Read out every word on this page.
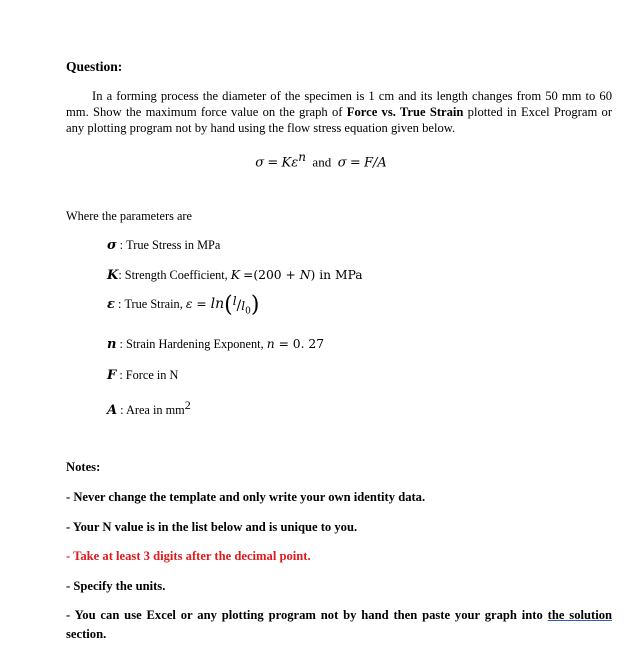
Question:
In a forming process the diameter of the specimen is 1 cm and its length changes from 50 mm to 60 mm. Show the maximum force value on the graph of Force vs. True Strain plotted in Excel Program or any plotting program not by hand using the flow stress equation given below.
$\sigma = K\varepsilon^n$ and σ = F/A
Where the parameters are
σ : True Stress in MPa
K: Strength Coefficient, K =(200 + N) in MPa
ε : True Strain, $\varepsilon = \ln(^l/l_0)$
n : Strain Hardening Exponent, n = 0. 27
F : Force in N
A : Area in $mm^2$
Notes:
- Never change the template and only write your own identity data.
- Your N value is in the list below and is unique to you.
- Take at least 3 digits after the decimal point.
- Specify the units.
- You can use Excel or any plotting program not by hand then paste your graph into the solution section.
